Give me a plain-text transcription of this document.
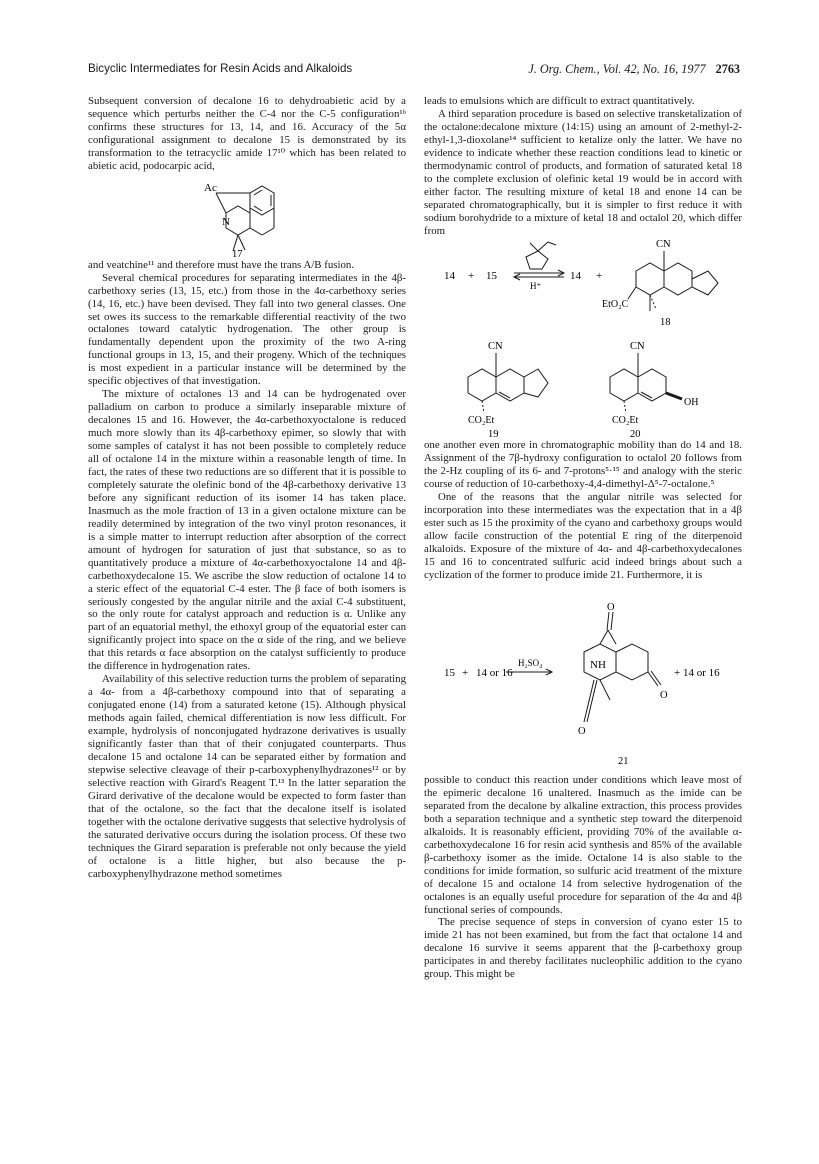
Bicyclic Intermediates for Resin Acids and Alkaloids	J. Org. Chem., Vol. 42, No. 16, 1977 2763

Subsequent conversion of decalone 16 to dehydroabietic acid by a sequence which perturbs neither the C-4 nor the C-5 configuration¹ᵇ confirms these structures for 13, 14, and 16. Accuracy of the 5α configurational assignment to decalone 15 is demonstrated by its transformation to the tetracyclic amide 17¹⁰ which has been related to abietic acid, podocarpic acid,

Ac
N
17

and veatchine¹¹ and therefore must have the trans A/B fusion.

Several chemical procedures for separating intermediates in the 4β-carbethoxy series (13, 15, etc.) from those in the 4α-carbethoxy series (14, 16, etc.) have been devised. They fall into two general classes. One set owes its success to the remarkable differential reactivity of the two octalones toward catalytic hydrogenation. The other group is fundamentally dependent upon the proximity of the two A-ring functional groups in 13, 15, and their progeny. Which of the techniques is most expedient in a particular instance will be determined by the specific objectives of that investigation.

The mixture of octalones 13 and 14 can be hydrogenated over palladium on carbon to produce a similarly inseparable mixture of decalones 15 and 16. However, the 4α-carbethoxyoctalone is reduced much more slowly than its 4β-carbethoxy epimer, so slowly that with some samples of catalyst it has not been possible to completely reduce all of octalone 14 in the mixture within a reasonable length of time. In fact, the rates of these two reductions are so different that it is possible to completely saturate the olefinic bond of the 4β-carbethoxy derivative 13 before any significant reduction of its isomer 14 has taken place. Inasmuch as the mole fraction of 13 in a given octalone mixture can be readily determined by integration of the two vinyl proton resonances, it is a simple matter to interrupt reduction after absorption of the correct amount of hydrogen for saturation of just that substance, so as to quantitatively produce a mixture of 4α-carbethoxyoctalone 14 and 4β-carbethoxydecalone 15. We ascribe the slow reduction of octalone 14 to a steric effect of the equatorial C-4 ester. The β face of both isomers is seriously congested by the angular nitrile and the axial C-4 substituent, so the only route for catalyst approach and reduction is α. Unlike any part of an equatorial methyl, the ethoxyl group of the equatorial ester can significantly project into space on the α side of the ring, and we believe that this retards α face absorption on the catalyst sufficiently to produce the difference in hydrogenation rates.

Availability of this selective reduction turns the problem of separating a 4α- from a 4β-carbethoxy compound into that of separating a conjugated enone (14) from a saturated ketone (15). Although physical methods again failed, chemical differentiation is now less difficult. For example, hydrolysis of nonconjugated hydrazone derivatives is usually significantly faster than that of their conjugated counterparts. Thus decalone 15 and octalone 14 can be separated either by formation and stepwise selective cleavage of their p-carboxyphenylhydrazones¹² or by selective reaction with Girard's Reagent T.¹³ In the latter separation the Girard derivative of the decalone would be expected to form faster than that of the octalone, so the fact that the decalone itself is isolated together with the octalone derivative suggests that selective hydrolysis of the saturated derivative occurs during the isolation process. Of these two techniques the Girard separation is preferable not only because the yield of octalone is a little higher, but also because the p-carboxyphenylhydrazone method sometimes

leads to emulsions which are difficult to extract quantitatively.

A third separation procedure is based on selective transketalization of the octalone:decalone mixture (14:15) using an amount of 2-methyl-2-ethyl-1,3-dioxolane¹⁴ sufficient to ketalize only the latter. We have no evidence to indicate whether these reaction conditions lead to kinetic or thermodynamic control of products, and formation of saturated ketal 18 to the complete exclusion of olefinic ketal 19 would be in accord with either factor. The resulting mixture of ketal 18 and enone 14 can be separated chromatographically, but it is simpler to first reduce it with sodium borohydride to a mixture of ketal 18 and octalol 20, which differ from

14 + 15
H⁺
14 +
CN
EtO₂C
18
CN
CO₂Et
19
CN
OH
CO₂Et
20

one another even more in chromatographic mobility than do 14 and 18. Assignment of the 7β-hydroxy configuration to octalol 20 follows from the 2-Hz coupling of its 6- and 7-protons⁵·¹⁵ and analogy with the steric course of reduction of 10-carbethoxy-4,4-dimethyl-Δ⁵-7-octalone.⁵

One of the reasons that the angular nitrile was selected for incorporation into these intermediates was the expectation that in a 4β ester such as 15 the proximity of the cyano and carbethoxy groups would allow facile construction of the potential E ring of the diterpenoid alkaloids. Exposure of the mixture of 4α- and 4β-carbethoxydecalones 15 and 16 to concentrated sulfuric acid indeed brings about such a cyclization of the former to produce imide 21. Furthermore, it is

15 + 14 or 16
H₂SO₄	NH
O
O
O
+ 14 or 16
21

possible to conduct this reaction under conditions which leave most of the epimeric decalone 16 unaltered. Inasmuch as the imide can be separated from the decalone by alkaline extraction, this process provides both a separation technique and a synthetic step toward the diterpenoid alkaloids. It is reasonably efficient, providing 70% of the available α-carbethoxydecalone 16 for resin acid synthesis and 85% of the available β-carbethoxy isomer as the imide. Octalone 14 is also stable to the conditions for imide formation, so sulfuric acid treatment of the mixture of decalone 15 and octalone 14 from selective hydrogenation of the octalones is an equally useful procedure for separation of the 4α and 4β functional series of compounds.

The precise sequence of steps in conversion of cyano ester 15 to imide 21 has not been examined, but from the fact that octalone 14 and decalone 16 survive it seems apparent that the β-carbethoxy group participates in and thereby facilitates nucleophilic addition to the cyano group. This might be
